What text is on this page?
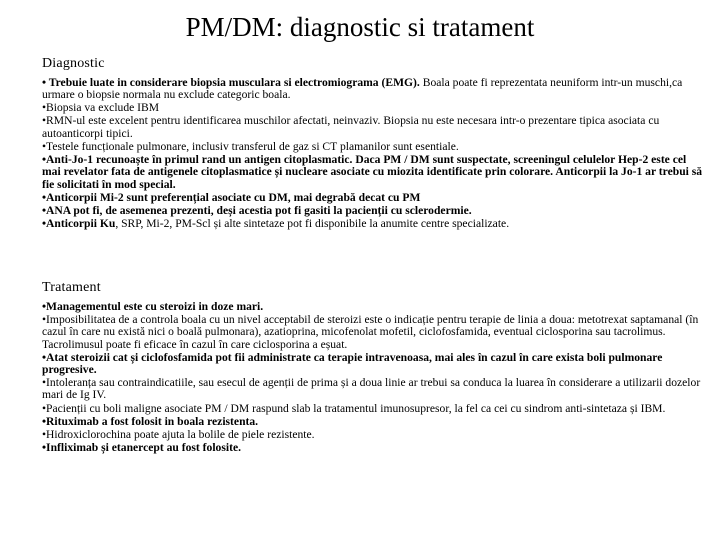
PM/DM: diagnostic si tratament
Diagnostic

• Trebuie luate in considerare biopsia musculara si electromiograma (EMG). Boala poate fi reprezentata neuniform intr-un muschi,ca urmare o biopsie normala nu exclude categoric boala.

•Biopsia va exclude IBM

•RMN-ul este excelent pentru identificarea muschilor afectati, neinvaziv. Biopsia nu este necesara intr-o prezentare tipica asociata cu autoanticorpi tipici.

•Testele funcționale pulmonare, inclusiv transferul de gaz si CT plamanilor sunt esentiale.

•Anti-Jo-1 recunoaște în primul rand un antigen citoplasmatic. Daca PM / DM sunt suspectate, screeningul celulelor Hep-2 este cel mai revelator fata de antigenele citoplasmatice și nucleare asociate cu miozita identificate prin colorare. Anticorpii la Jo-1 ar trebui să fie solicitati în mod special.

•Anticorpii Mi-2 sunt preferențial asociate cu DM, mai degrabă decat cu PM

•ANA pot fi, de asemenea prezenti, deși acestia pot fi gasiti la pacienții cu sclerodermie.

•Anticorpii Ku, SRP, Mi-2, PM-Scl și alte sintetaze pot fi disponibile la anumite centre specializate.

Tratament

•Managementul este cu steroizi in doze mari.

•Imposibilitatea de a controla boala cu un nivel acceptabil de steroizi este o indicație pentru terapie de linia a doua: metotrexat saptamanal (în cazul în care nu există nici o boală pulmonara), azatioprina, micofenolat mofetil, ciclofosfamida, eventual ciclosporina sau tacrolimus. Tacrolimusul poate fi eficace în cazul în care ciclosporina a eșuat.

•Atat steroizii cat și ciclofosfamida pot fii administrate ca terapie intravenoasa, mai ales în cazul în care exista boli pulmonare progresive.

•Intoleranța sau contraindicatiile, sau esecul de agenții de prima și a doua linie ar trebui sa conduca la luarea în considerare a utilizarii dozelor mari de Ig IV.

•Pacienții cu boli maligne asociate PM / DM raspund slab la tratamentul imunosupresor, la fel ca cei cu sindrom anti-sintetaza și IBM.

•Rituximab a fost folosit in boala rezistenta.

•Hidroxiclorochina poate ajuta la bolile de piele rezistente.

•Infliximab și etanercept au fost folosite.
